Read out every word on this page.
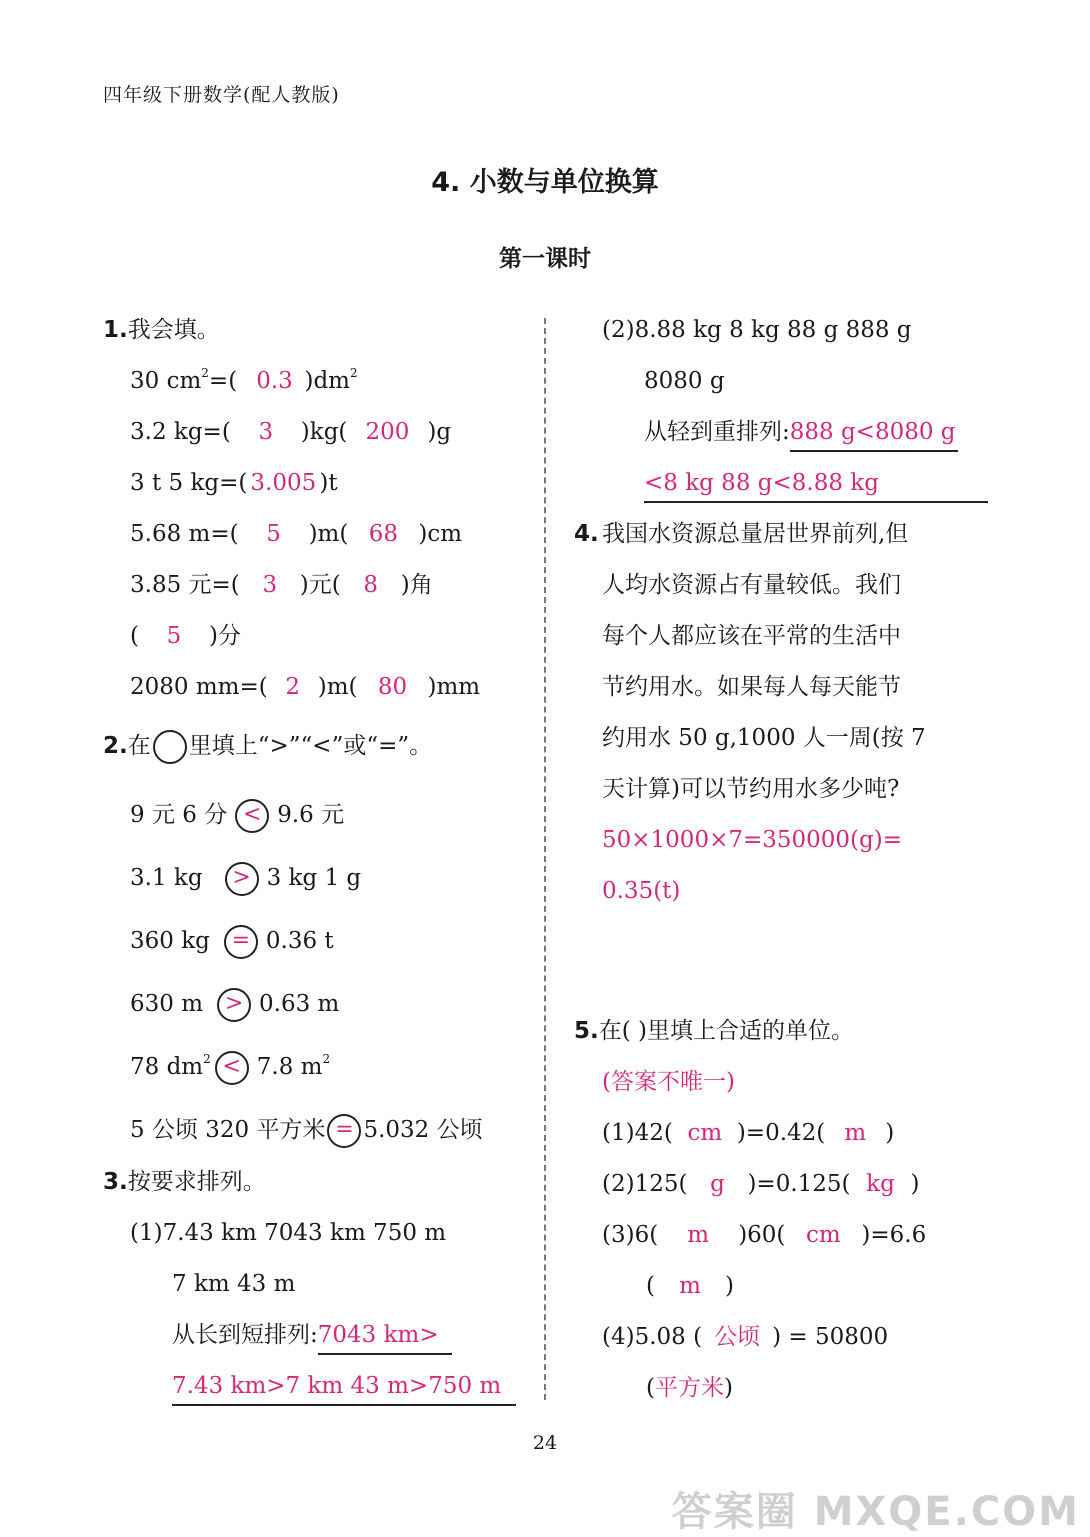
四年级下册数学(配人教版)
4. 小数与单位换算
第一课时
1.我会填。
30 $cm^2=$( 0.3 )$dm^2$
3.2 kg=( 3 )kg( 200 )g
3 t 5 kg=( 3.005 )t
5.68 m=( 5 )m( 68 )cm
3.85 元=( 3 )元( 8 )角
( 5 )分
2080 mm=( 2 )m( 80 )mm
2.在 里填上“>”“<”或“=”。
9 元 6 分 < 9.6 元
3.1 kg > 3 kg 1 g
360 kg = 0.36 t
630 m > 0.63 m
78 $dm^2 < 7.8$ $m^2$
5 公顷 320 平方米 = 5.032 公顷
3.按要求排列。
(1)7.43 km 7043 km 750 m
7 km 43 m
从长到短排列:7043 km>
7.43 km>7 km 43 m>750 m
(2)8.88 kg 8 kg 88 g 888 g
8080 g
从轻到重排列:888 g<8080 g
<8 kg 88 g<8.88 kg
4. 我国水资源总量居世界前列,但
人均水资源占有量较低。我们
每个人都应该在平常的生活中
节约用水。如果每人每天能节
约用水 50 g,1000 人一周(按 7
天计算)可以节约用水多少吨?
50×1000×7=350000(g)=
0.35(t)
5.在( )里填上合适的单位。
(答案不唯一)
(1)42( cm )=0.42( m )
(2)125( g )=0.125( kg )
(3)6( m )60( cm )=6.6
( m )
(4)5.08 ( 公顷 ) = 50800
(平方米)
24
答案圈 MXQE.COM
